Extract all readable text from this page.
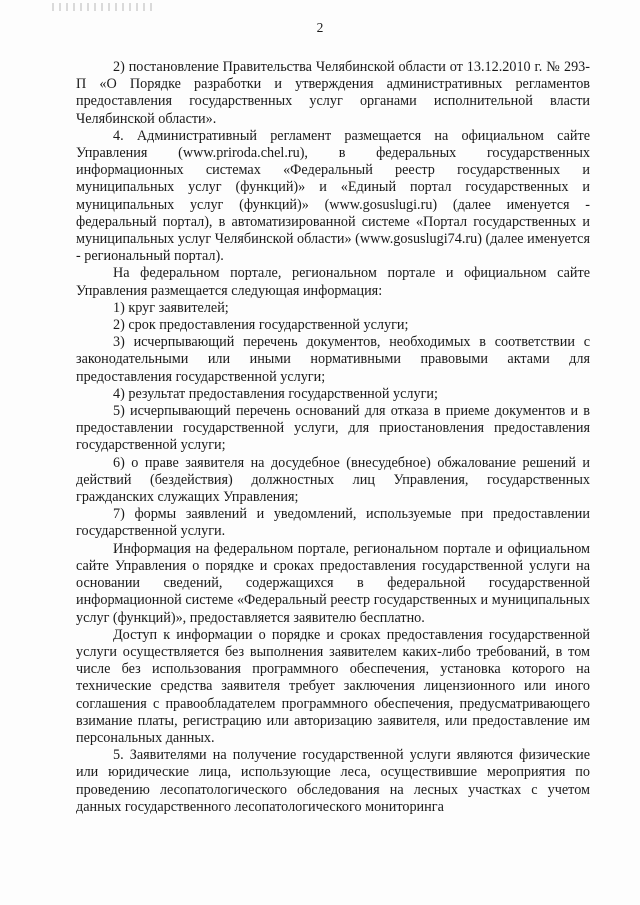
2

2) постановление Правительства Челябинской области от 13.12.2010 г. № 293-П «О Порядке разработки и утверждения административных регламентов предоставления государственных услуг органами исполнительной власти Челябинской области».

4. Административный регламент размещается на официальном сайте Управления (www.priroda.chel.ru), в федеральных государственных информационных системах «Федеральный реестр государственных и муниципальных услуг (функций)» и «Единый портал государственных и муниципальных услуг (функций)» (www.gosuslugi.ru) (далее именуется - федеральный портал), в автоматизированной системе «Портал государственных и муниципальных услуг Челябинской области» (www.gosuslugi74.ru) (далее именуется - региональный портал).

На федеральном портале, региональном портале и официальном сайте Управления размещается следующая информация:

1) круг заявителей;

2) срок предоставления государственной услуги;

3) исчерпывающий перечень документов, необходимых в соответствии с законодательными или иными нормативными правовыми актами для предоставления государственной услуги;

4) результат предоставления государственной услуги;

5) исчерпывающий перечень оснований для отказа в приеме документов и в предоставлении государственной услуги, для приостановления предоставления государственной услуги;

6) о праве заявителя на досудебное (внесудебное) обжалование решений и действий (бездействия) должностных лиц Управления, государственных гражданских служащих Управления;

7) формы заявлений и уведомлений, используемые при предоставлении государственной услуги.

Информация на федеральном портале, региональном портале и официальном сайте Управления о порядке и сроках предоставления государственной услуги на основании сведений, содержащихся в федеральной государственной информационной системе «Федеральный реестр государственных и муниципальных услуг (функций)», предоставляется заявителю бесплатно.

Доступ к информации о порядке и сроках предоставления государственной услуги осуществляется без выполнения заявителем каких-либо требований, в том числе без использования программного обеспечения, установка которого на технические средства заявителя требует заключения лицензионного или иного соглашения с правообладателем программного обеспечения, предусматривающего взимание платы, регистрацию или авторизацию заявителя, или предоставление им персональных данных.

5. Заявителями на получение государственной услуги являются физические или юридические лица, использующие леса, осуществившие мероприятия по проведению лесопатологического обследования на лесных участках с учетом данных государственного лесопатологического мониторинга
